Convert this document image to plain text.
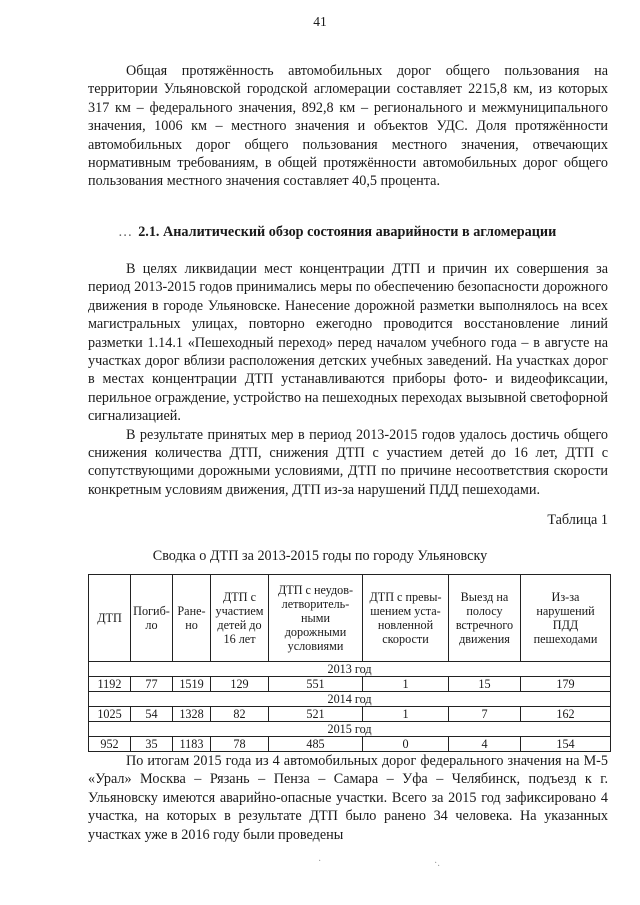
41

Общая протяжённость автомобильных дорог общего пользования на территории Ульяновской городской агломерации составляет 2215,8 км, из которых 317 км – федерального значения, 892,8 км – регионального и межмуниципального значения, 1006 км – местного значения и объектов УДС. Доля протяжённости автомобильных дорог общего пользования местного значения, отвечающих нормативным требованиям, в общей протяжённости автомобильных дорог общего пользования местного значения составляет 40,5 процента.

… 2.1. Аналитический обзор состояния аварийности в агломерации

В целях ликвидации мест концентрации ДТП и причин их совершения за период 2013-2015 годов принимались меры по обеспечению безопасности дорожного движения в городе Ульяновске. Нанесение дорожной разметки выполнялось на всех магистральных улицах, повторно ежегодно проводится восстановление линий разметки 1.14.1 «Пешеходный переход» перед началом учебного года – в августе на участках дорог вблизи расположения детских учебных заведений. На участках дорог в местах концентрации ДТП устанавливаются приборы фото- и видеофиксации, перильное ограждение, устройство на пешеходных переходах вызывной светофорной сигнализацией.

В результате принятых мер в период 2013-2015 годов удалось достичь общего снижения количества ДТП, снижения ДТП с участием детей до 16 лет, ДТП с сопутствующими дорожными условиями, ДТП по причине несоответствия скорости конкретным условиям движения, ДТП из-за нарушений ПДД пешеходами.

Таблица 1
Сводка о ДТП за 2013-2015 годы по городу Ульяновску
ДТП	Погиб-ло	Ране-но	ДТП с участием детей до 16 лет	ДТП с неудов-летворитель-ными дорожными условиями	ДТП с превы-шением уста-новленной скорости	Выезд на полосу встречного движения	Из-за нарушений ПДД пешеходами
2013 год							
1192	77	1519	129	551	1	15	179
2014 год							
1025	54	1328	82	521	1	7	162
2015 год							
952	35	1183	78	485	0	4	154

По итогам 2015 года из 4 автомобильных дорог федерального значения на М-5 «Урал» Москва – Рязань – Пенза – Самара – Уфа – Челябинск, подъезд к г. Ульяновску имеются аварийно-опасные участки. Всего за 2015 год зафиксировано 4 участка, на которых в результате ДТП было ранено 34 человека. На указанных участках уже в 2016 году были проведены

·	·.
